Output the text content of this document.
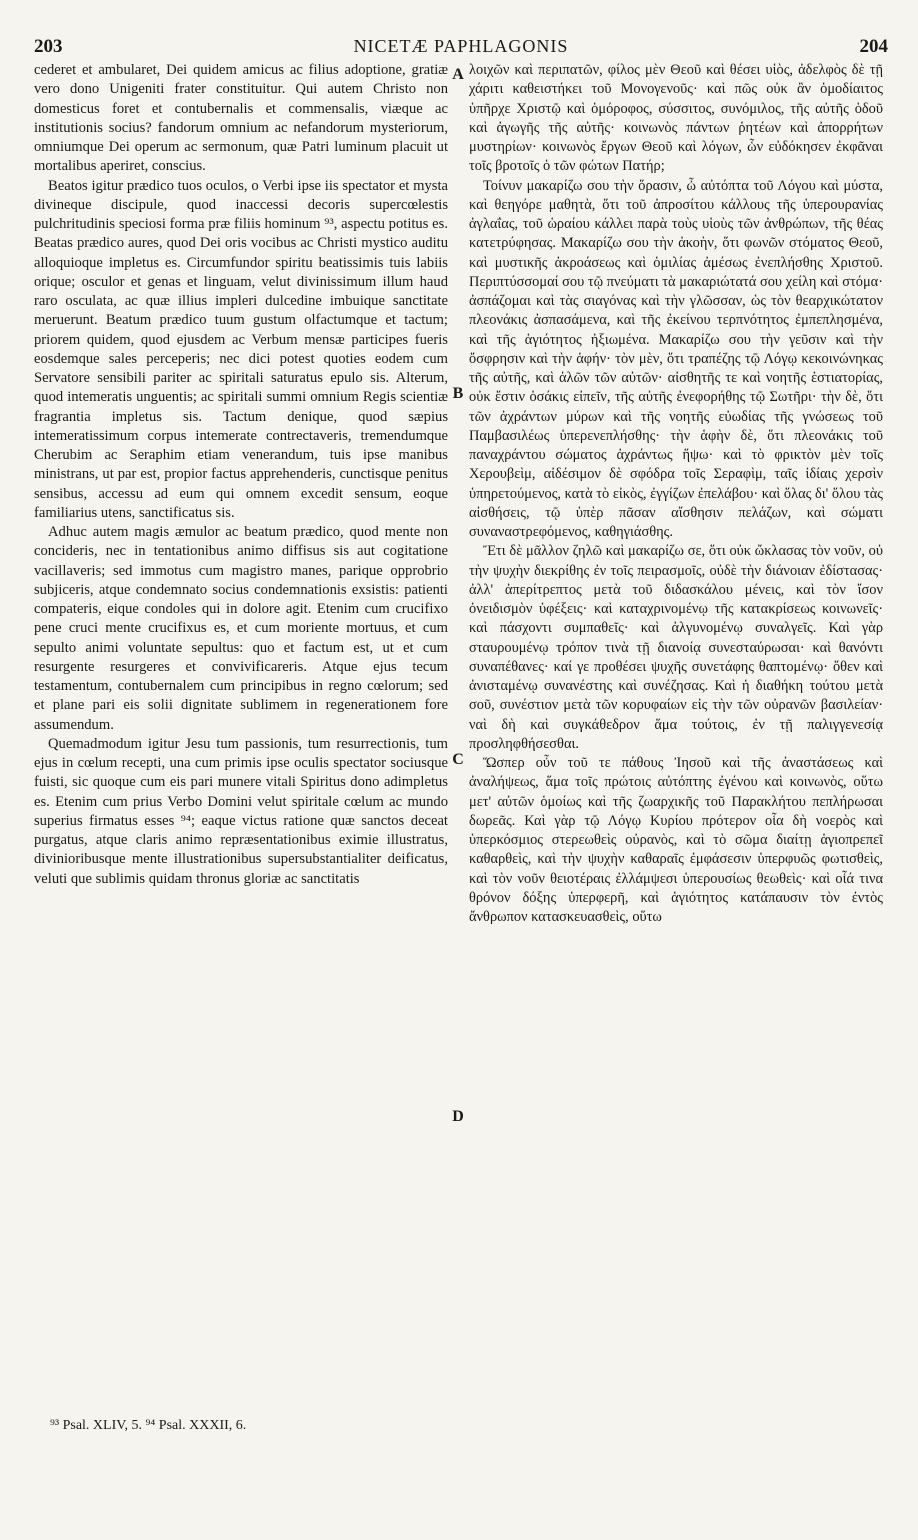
203	NICETÆ PAPHLAGONIS	204

cederet et ambularet, Dei quidem amicus ac filius adoptione, gratiæ vero dono Unigeniti frater constituitur. Qui autem Christo non domesticus foret et contubernalis et commensalis, viæque ac institutionis socius? fandorum omnium ac nefandorum mysteriorum, omniumque Dei operum ac sermonum, quæ Patri luminum placuit ut mortalibus aperiret, conscius.

Beatos igitur prædico tuos oculos, o Verbi ipse iis spectator et mysta divineque discipule, quod inaccessi decoris supercœlestis pulchritudinis speciosi forma præ filiis hominum ⁹³, aspectu potitus es. Beatas prædico aures, quod Dei oris vocibus ac Christi mystico auditu alloquioque impletus es. Circumfundor spiritu beatissimis tuis labiis orique; osculor et genas et linguam, velut divinissimum illum haud raro osculata, ac quæ illius impleri dulcedine imbuique sanctitate meruerunt. Beatum prædico tuum gustum olfactumque et tactum; priorem quidem, quod ejusdem ac Verbum mensæ participes fueris eosdemque sales perceperis; nec dici potest quoties eodem cum Servatore sensibili pariter ac spiritali saturatus epulo sis. Alterum, quod intemeratis unguentis; ac spiritali summi omnium Regis scientiæ fragrantia impletus sis. Tactum denique, quod sæpius intemeratissimum corpus intemerate contrectaveris, tremendumque Cherubim ac Seraphim etiam venerandum, tuis ipse manibus ministrans, ut par est, propior factus apprehenderis, cunctisque penitus sensibus, accessu ad eum qui omnem excedit sensum, eoque familiarius utens, sanctificatus sis.

Adhuc autem magis æmulor ac beatum prædico, quod mente non concideris, nec in tentationibus animo diffisus sis aut cogitatione vacillaveris; sed immotus cum magistro manes, parique opprobrio subjiceris, atque condemnato socius condemnationis exsistis: patienti compateris, eique condoles qui in dolore agit. Etenim cum crucifixo pene cruci mente crucifixus es, et cum moriente mortuus, et cum sepulto animi voluntate sepultus: quo et factum est, ut et cum resurgente resurgeres et convivificareris. Atque ejus tecum testamentum, contubernalem cum principibus in regno cœlorum; sed et plane pari eis solii dignitate sublimem in regenerationem fore assumendum.

Quemadmodum igitur Jesu tum passionis, tum resurrectionis, tum ejus in cœlum recepti, una cum primis ipse oculis spectator sociusque fuisti, sic quoque cum eis pari munere vitali Spiritus dono adimpletus es. Etenim cum prius Verbo Domini velut spiritale cœlum ac mundo superius firmatus esses ⁹⁴; eaque victus ratione quæ sanctos deceat purgatus, atque claris animo repræsentationibus eximie illustratus, divinioribusque mente illustrationibus supersubstantialiter deificatus, veluti que sublimis quidam thronus gloriæ ac sanctitatis

A
B
C
D

λοιχῶν καὶ περιπατῶν, φίλος μὲν Θεοῦ καὶ θέσει υἱὸς, ἀδελφὸς δὲ τῇ χάριτι καθειστήκει τοῦ Μονογενοῦς· καὶ πῶς οὐκ ἂν ὁμοδίαιτος ὑπῆρχε Χριστῷ καὶ ὁμόροφος, σύσσιτος, συνόμιλος, τῆς αὐτῆς ὁδοῦ καὶ ἀγωγῆς τῆς αὐτῆς· κοινωνὸς πάντων ῥητέων καὶ ἀπορρήτων μυστηρίων· κοινωνὸς ἔργων Θεοῦ καὶ λόγων, ὧν εὐδόκησεν ἐκφᾶναι τοῖς βροτοῖς ὁ τῶν φώτων Πατήρ;

Τοίνυν μακαρίζω σου τὴν ὅρασιν, ὦ αὐτόπτα τοῦ Λόγου καὶ μύστα, καὶ θεηγόρε μαθητὰ, ὅτι τοῦ ἀπροσίτου κάλλους τῆς ὑπερουρανίας ἀγλαΐας, τοῦ ὡραίου κάλλει παρὰ τοὺς υἱοὺς τῶν ἀνθρώπων, τῆς θέας κατετρύφησας. Μακαρίζω σου τὴν ἀκοὴν, ὅτι φωνῶν στόματος Θεοῦ, καὶ μυστικῆς ἀκροάσεως καὶ ὁμιλίας ἀμέσως ἐνεπλήσθης Χριστοῦ. Περιπτύσσομαί σου τῷ πνεύματι τὰ μακαριώτατά σου χείλη καὶ στόμα· ἀσπάζομαι καὶ τὰς σιαγόνας καὶ τὴν γλῶσσαν, ὡς τὸν θεαρχικώτατον πλεονάκις ἀσπασάμενα, καὶ τῆς ἐκείνου τερπνότητος ἐμπεπλησμένα, καὶ τῆς ἁγιότητος ἠξιωμένα. Μακαρίζω σου τὴν γεῦσιν καὶ τὴν ὄσφρησιν καὶ τὴν ἁφήν· τὸν μὲν, ὅτι τραπέζης τῷ Λόγῳ κεκοινώνηκας τῆς αὐτῆς, καὶ ἁλῶν τῶν αὐτῶν· αἰσθητῆς τε καὶ νοητῆς ἑστιατορίας, οὐκ ἔστιν ὁσάκις εἰπεῖν, τῆς αὐτῆς ἐνεφορήθης τῷ Σωτῆρι· τὴν δὲ, ὅτι τῶν ἀχράντων μύρων καὶ τῆς νοητῆς εὐωδίας τῆς γνώσεως τοῦ Παμβασιλέως ὑπερενεπλήσθης· τὴν ἁφὴν δὲ, ὅτι πλεονάκις τοῦ παναχράντου σώματος ἀχράντως ἥψω· καὶ τὸ φρικτὸν μὲν τοῖς Χερουβεὶμ, αἰδέσιμον δὲ σφόδρα τοῖς Σεραφὶμ, ταῖς ἰδίαις χερσὶν ὑπηρετούμενος, κατὰ τὸ εἰκὸς, ἐγγίζων ἐπελάβου· καὶ ὅλας δι' ὅλου τὰς αἰσθήσεις, τῷ ὑπὲρ πᾶσαν αἴσθησιν πελάζων, καὶ σώματι συναναστρεφόμενος, καθηγιάσθης.

Ἔτι δὲ μᾶλλον ζηλῶ καὶ μακαρίζω σε, ὅτι οὐκ ὤκλασας τὸν νοῦν, οὐ τὴν ψυχὴν διεκρίθης ἐν τοῖς πειρασμοῖς, οὐδὲ τὴν διάνοιαν ἐδίστασας· ἀλλ' ἀπερίτρεπτος μετὰ τοῦ διδασκάλου μένεις, καὶ τὸν ἴσον ὀνειδισμὸν ὑφέξεις· καὶ καταχρινομένῳ τῆς κατακρίσεως κοινωνεῖς· καὶ πάσχοντι συμπαθεῖς· καὶ ἀλγυνομένῳ συναλγεῖς. Καὶ γὰρ σταυρουμένῳ τρόπον τινὰ τῇ διανοίᾳ συνεσταύρωσαι· καὶ θανόντι συναπέθανες· καί γε προθέσει ψυχῆς συνετάφης θαπτομένῳ· ὅθεν καὶ ἀνισταμένῳ συνανέστης καὶ συνέζησας. Καὶ ἡ διαθήκη τούτου μετὰ σοῦ, συνέστιον μετὰ τῶν κορυφαίων εἰς τὴν τῶν οὐρανῶν βασιλείαν· ναὶ δὴ καὶ συγκάθεδρον ἅμα τούτοις, ἐν τῇ παλιγγενεσίᾳ προσληφθήσεσθαι.

Ὥσπερ οὖν τοῦ τε πάθους Ἰησοῦ καὶ τῆς ἀναστάσεως καὶ ἀναλήψεως, ἅμα τοῖς πρώτοις αὐτόπτης ἐγένου καὶ κοινωνὸς, οὕτω μετ' αὐτῶν ὁμοίως καὶ τῆς ζωαρχικῆς τοῦ Παρακλήτου πεπλήρωσαι δωρεᾶς. Καὶ γὰρ τῷ Λόγῳ Κυρίου πρότερον οἷα δὴ νοερὸς καὶ ὑπερκόσμιος στερεωθεὶς οὐρανὸς, καὶ τὸ σῶμα διαίτῃ ἁγιοπρεπεῖ καθαρθεὶς, καὶ τὴν ψυχὴν καθαραῖς ἐμφάσεσιν ὑπερφυῶς φωτισθεὶς, καὶ τὸν νοῦν θειοτέραις ἐλλάμψεσι ὑπερουσίως θεωθεὶς· καὶ οἷά τινα θρόνον δόξης ὑπερφερῆ, καὶ ἁγιότητος κατάπαυσιν τὸν ἐντὸς ἄνθρωπον κατασκευασθεὶς, οὕτω

⁹³ Psal. XLIV, 5. ⁹⁴ Psal. XXXII, 6.
